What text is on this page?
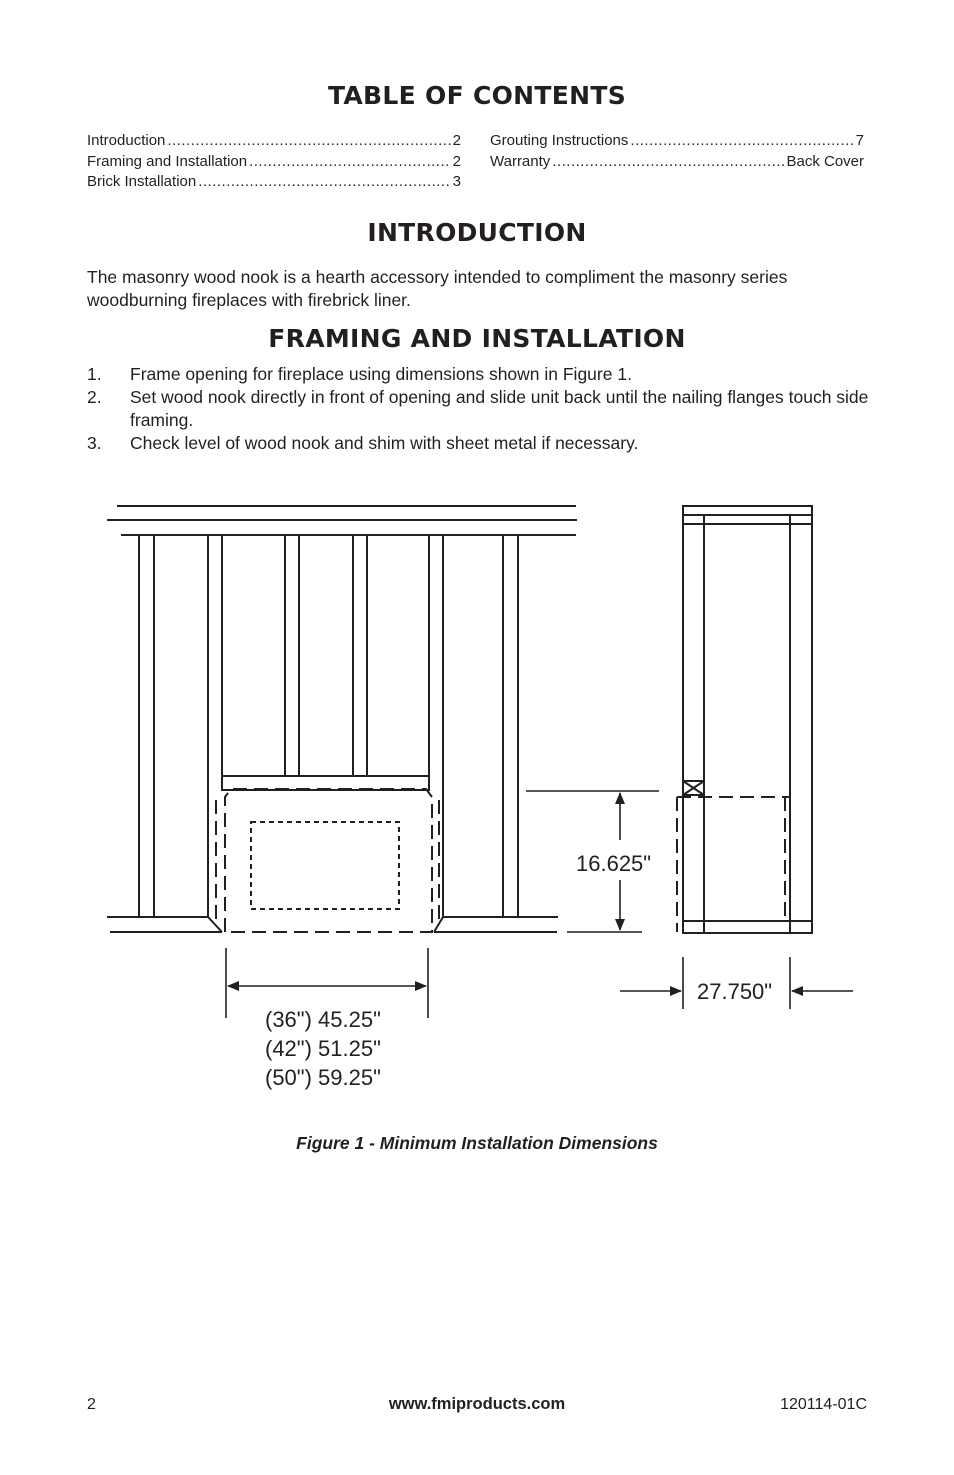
TABLE OF CONTENTS
Introduction .....	2
Framing and Installation .....	2
Brick Installation .....	3
Grouting Instructions .....	7
Warranty .....	Back Cover
INTRODUCTION
The masonry wood nook is a hearth accessory intended to compliment the masonry series woodburning fireplaces with firebrick liner.
FRAMING AND INSTALLATION
1.	Frame opening for fireplace using dimensions shown in Figure 1.
2.	Set wood nook directly in front of opening and slide unit back until the nailing flanges touch side framing.
3.	Check level of wood nook and shim with sheet metal if necessary.
16.625"
27.750"
(36") 45.25"
(42") 51.25"
(50") 59.25"
Figure 1 - Minimum Installation Dimensions
2	www.fmiproducts.com	120114-01C
